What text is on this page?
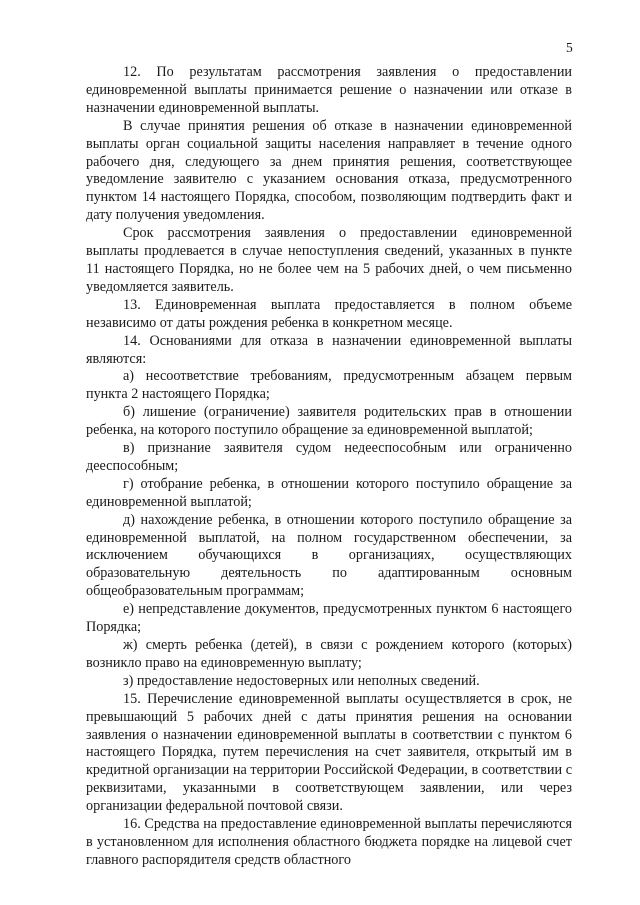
5

12. По результатам рассмотрения заявления о предоставлении единовременной выплаты принимается решение о назначении или отказе в назначении единовременной выплаты.

В случае принятия решения об отказе в назначении единовременной выплаты орган социальной защиты населения направляет в течение одного рабочего дня, следующего за днем принятия решения, соответствующее уведомление заявителю с указанием основания отказа, предусмотренного пунктом 14 настоящего Порядка, способом, позволяющим подтвердить факт и дату получения уведомления.

Срок рассмотрения заявления о предоставлении единовременной выплаты продлевается в случае непоступления сведений, указанных в пункте 11 настоящего Порядка, но не более чем на 5 рабочих дней, о чем письменно уведомляется заявитель.

13. Единовременная выплата предоставляется в полном объеме независимо от даты рождения ребенка в конкретном месяце.

14. Основаниями для отказа в назначении единовременной выплаты являются:

а) несоответствие требованиям, предусмотренным абзацем первым пункта 2 настоящего Порядка;

б) лишение (ограничение) заявителя родительских прав в отношении ребенка, на которого поступило обращение за единовременной выплатой;

в) признание заявителя судом недееспособным или ограниченно дееспособным;

г) отобрание ребенка, в отношении которого поступило обращение за единовременной выплатой;

д) нахождение ребенка, в отношении которого поступило обращение за единовременной выплатой, на полном государственном обеспечении, за исключением обучающихся в организациях, осуществляющих образовательную деятельность по адаптированным основным общеобразовательным программам;

е) непредставление документов, предусмотренных пунктом 6 настоящего Порядка;

ж) смерть ребенка (детей), в связи с рождением которого (которых) возникло право на единовременную выплату;

з) предоставление недостоверных или неполных сведений.

15. Перечисление единовременной выплаты осуществляется в срок, не превышающий 5 рабочих дней с даты принятия решения на основании заявления о назначении единовременной выплаты в соответствии с пунктом 6 настоящего Порядка, путем перечисления на счет заявителя, открытый им в кредитной организации на территории Российской Федерации, в соответствии с реквизитами, указанными в соответствующем заявлении, или через организации федеральной почтовой связи.

16. Средства на предоставление единовременной выплаты перечисляются в установленном для исполнения областного бюджета порядке на лицевой счет главного распорядителя средств областного
